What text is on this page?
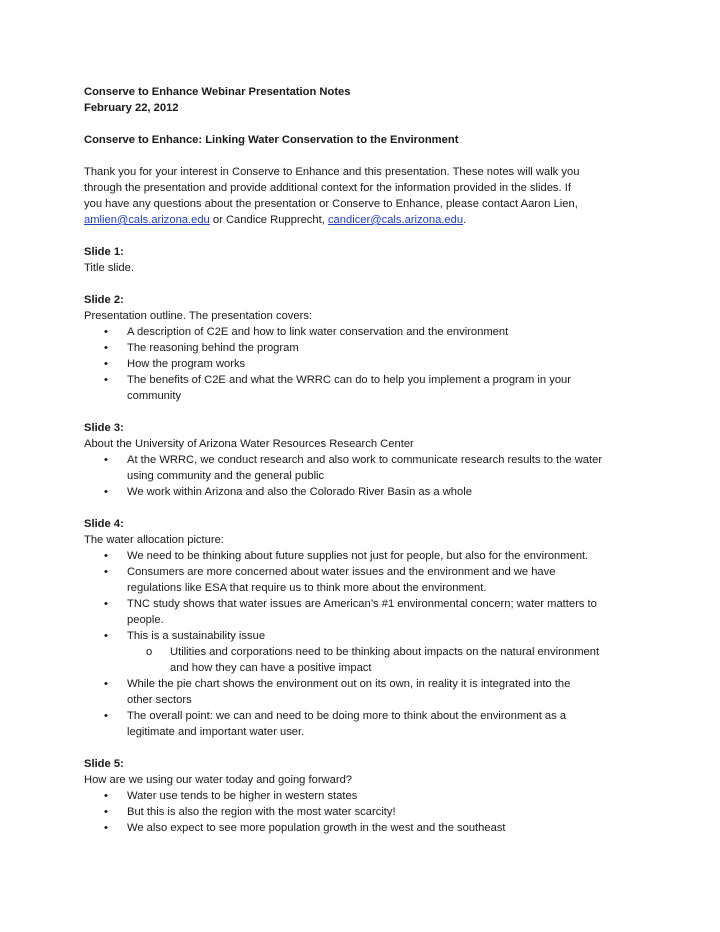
Conserve to Enhance Webinar Presentation Notes
February 22, 2012
Conserve to Enhance: Linking Water Conservation to the Environment
Thank you for your interest in Conserve to Enhance and this presentation. These notes will walk you
through the presentation and provide additional context for the information provided in the slides. If
you have any questions about the presentation or Conserve to Enhance, please contact Aaron Lien,
amlien@cals.arizona.edu or Candice Rupprecht, candicer@cals.arizona.edu.
Slide 1:
Title slide.
Slide 2:
Presentation outline. The presentation covers:
• A description of C2E and how to link water conservation and the environment
• The reasoning behind the program
• How the program works
• The benefits of C2E and what the WRRC can do to help you implement a program in your
community
Slide 3:
About the University of Arizona Water Resources Research Center
• At the WRRC, we conduct research and also work to communicate research results to the water
using community and the general public
• We work within Arizona and also the Colorado River Basin as a whole
Slide 4:
The water allocation picture:
• We need to be thinking about future supplies not just for people, but also for the environment.
• Consumers are more concerned about water issues and the environment and we have
regulations like ESA that require us to think more about the environment.
• TNC study shows that water issues are American’s #1 environmental concern; water matters to
people.
• This is a sustainability issue
o Utilities and corporations need to be thinking about impacts on the natural environment
and how they can have a positive impact
• While the pie chart shows the environment out on its own, in reality it is integrated into the
other sectors
• The overall point: we can and need to be doing more to think about the environment as a
legitimate and important water user.
Slide 5:
How are we using our water today and going forward?
• Water use tends to be higher in western states
• But this is also the region with the most water scarcity!
• We also expect to see more population growth in the west and the southeast
